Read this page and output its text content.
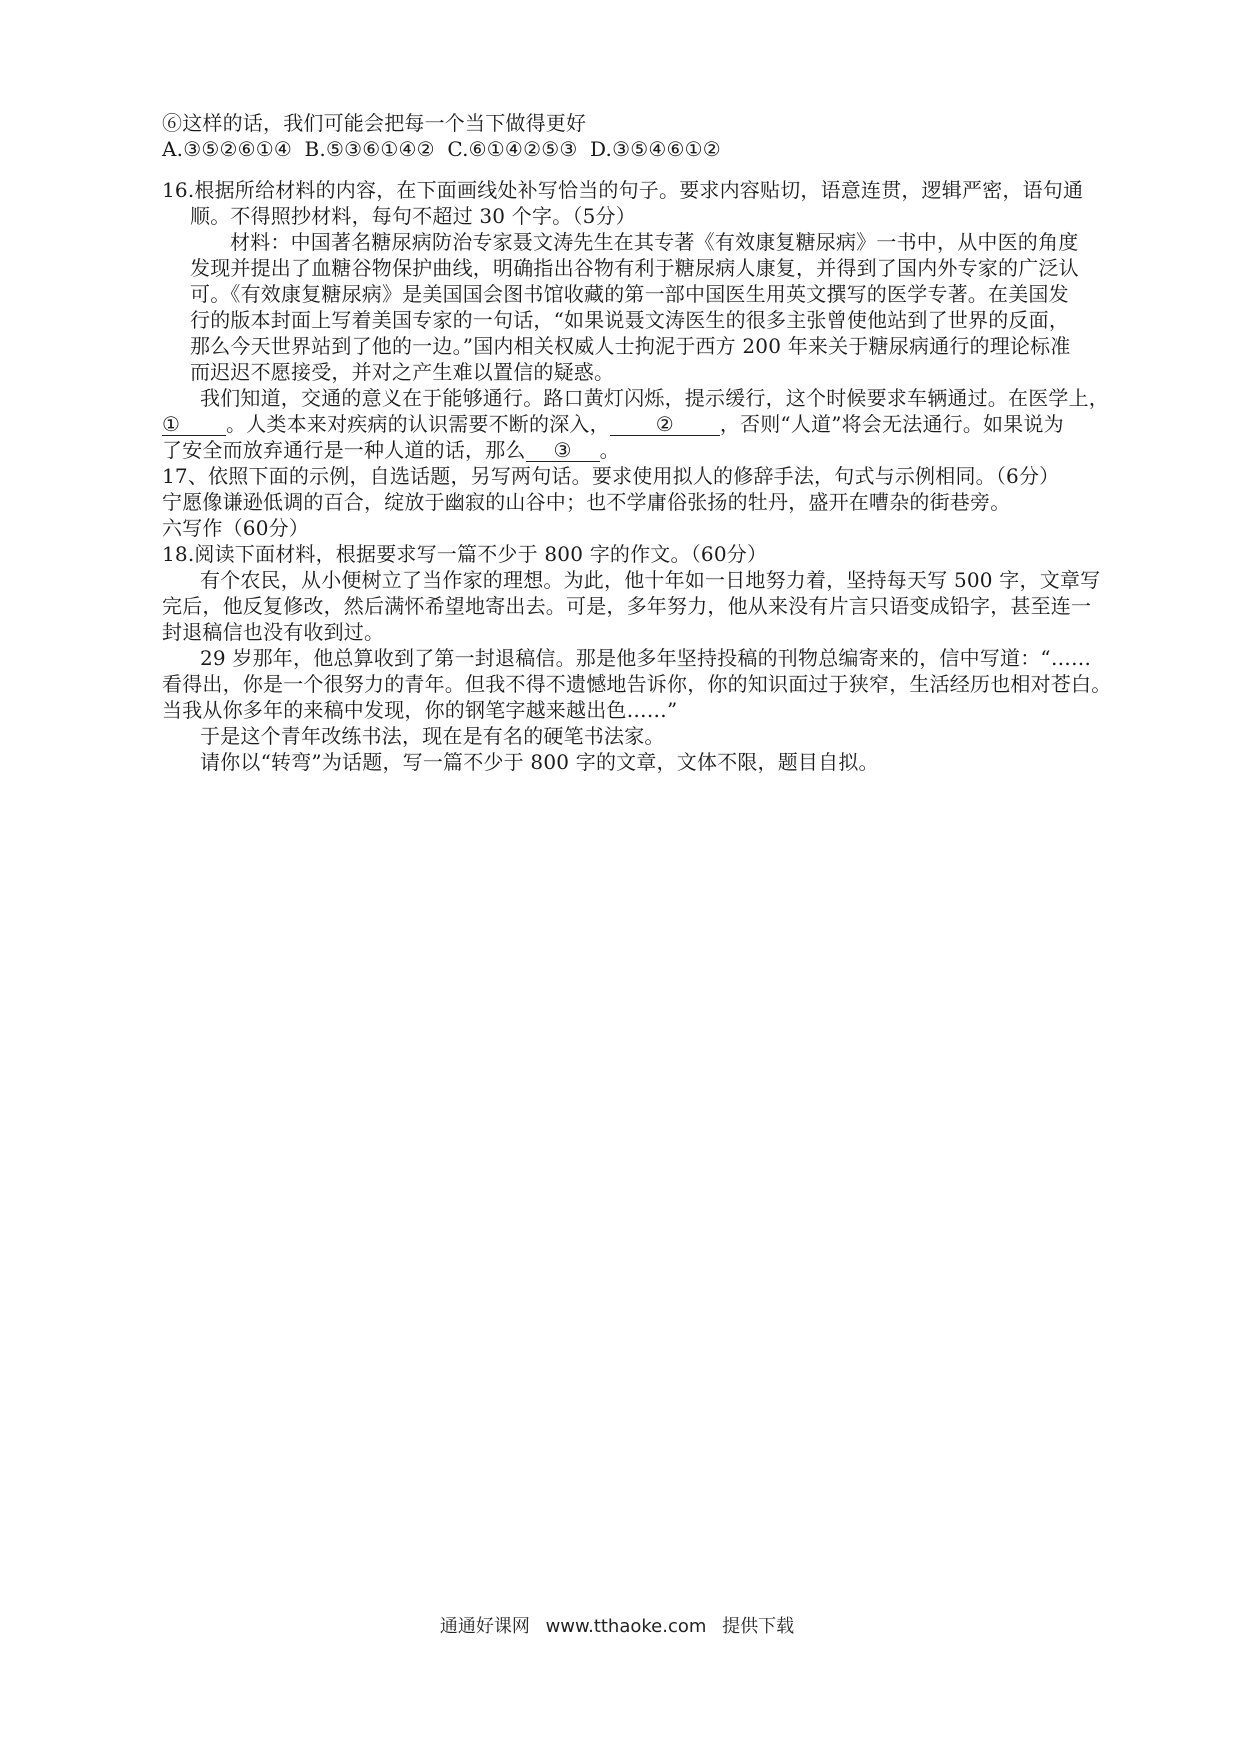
⑥这样的话，我们可能会把每一个当下做得更好
A.③⑤②⑥①④ B.⑤③⑥①④② C.⑥①④②⑤③ D.③⑤④⑥①②
16.根据所给材料的内容，在下面画线处补写恰当的句子。要求内容贴切，语意连贯，逻辑严密，语句通
顺。不得照抄材料，每句不超过 30 个字。（5分）
材料：中国著名糖尿病防治专家聂文涛先生在其专著《有效康复糖尿病》一书中，从中医的角度
发现并提出了血糖谷物保护曲线，明确指出谷物有利于糖尿病人康复，并得到了国内外专家的广泛认
可。《有效康复糖尿病》是美国国会图书馆收藏的第一部中国医生用英文撰写的医学专著。在美国发
行的版本封面上写着美国专家的一句话，“如果说聂文涛医生的很多主张曾使他站到了世界的反面，
那么今天世界站到了他的一边。”国内相关权威人士拘泥于西方 200 年来关于糖尿病通行的理论标准
而迟迟不愿接受，并对之产生难以置信的疑惑。
我们知道，交通的意义在于能够通行。路口黄灯闪烁，提示缓行，这个时候要求车辆通过。在医学上，
① 。人类本来对疾病的认识需要不断的深入， ② ，否则“人道”将会无法通行。如果说为
了安全而放弃通行是一种人道的话，那么 ③ 。
17、依照下面的示例，自选话题，另写两句话。要求使用拟人的修辞手法，句式与示例相同。（6分）
宁愿像谦逊低调的百合，绽放于幽寂的山谷中；也不学庸俗张扬的牡丹，盛开在嘈杂的街巷旁。
六写作（60分）
18.阅读下面材料，根据要求写一篇不少于 800 字的作文。（60分）
有个农民，从小便树立了当作家的理想。为此，他十年如一日地努力着，坚持每天写 500 字，文章写
完后，他反复修改，然后满怀希望地寄出去。可是，多年努力，他从来没有片言只语变成铅字，甚至连一
封退稿信也没有收到过。
29 岁那年，他总算收到了第一封退稿信。那是他多年坚持投稿的刊物总编寄来的，信中写道：“……
看得出，你是一个很努力的青年。但我不得不遗憾地告诉你，你的知识面过于狭窄，生活经历也相对苍白。
当我从你多年的来稿中发现，你的钢笔字越来越出色……”
于是这个青年改练书法，现在是有名的硬笔书法家。
请你以“转弯”为话题，写一篇不少于 800 字的文章，文体不限，题目自拟。
通通好课网 www.tthaoke.com 提供下载
